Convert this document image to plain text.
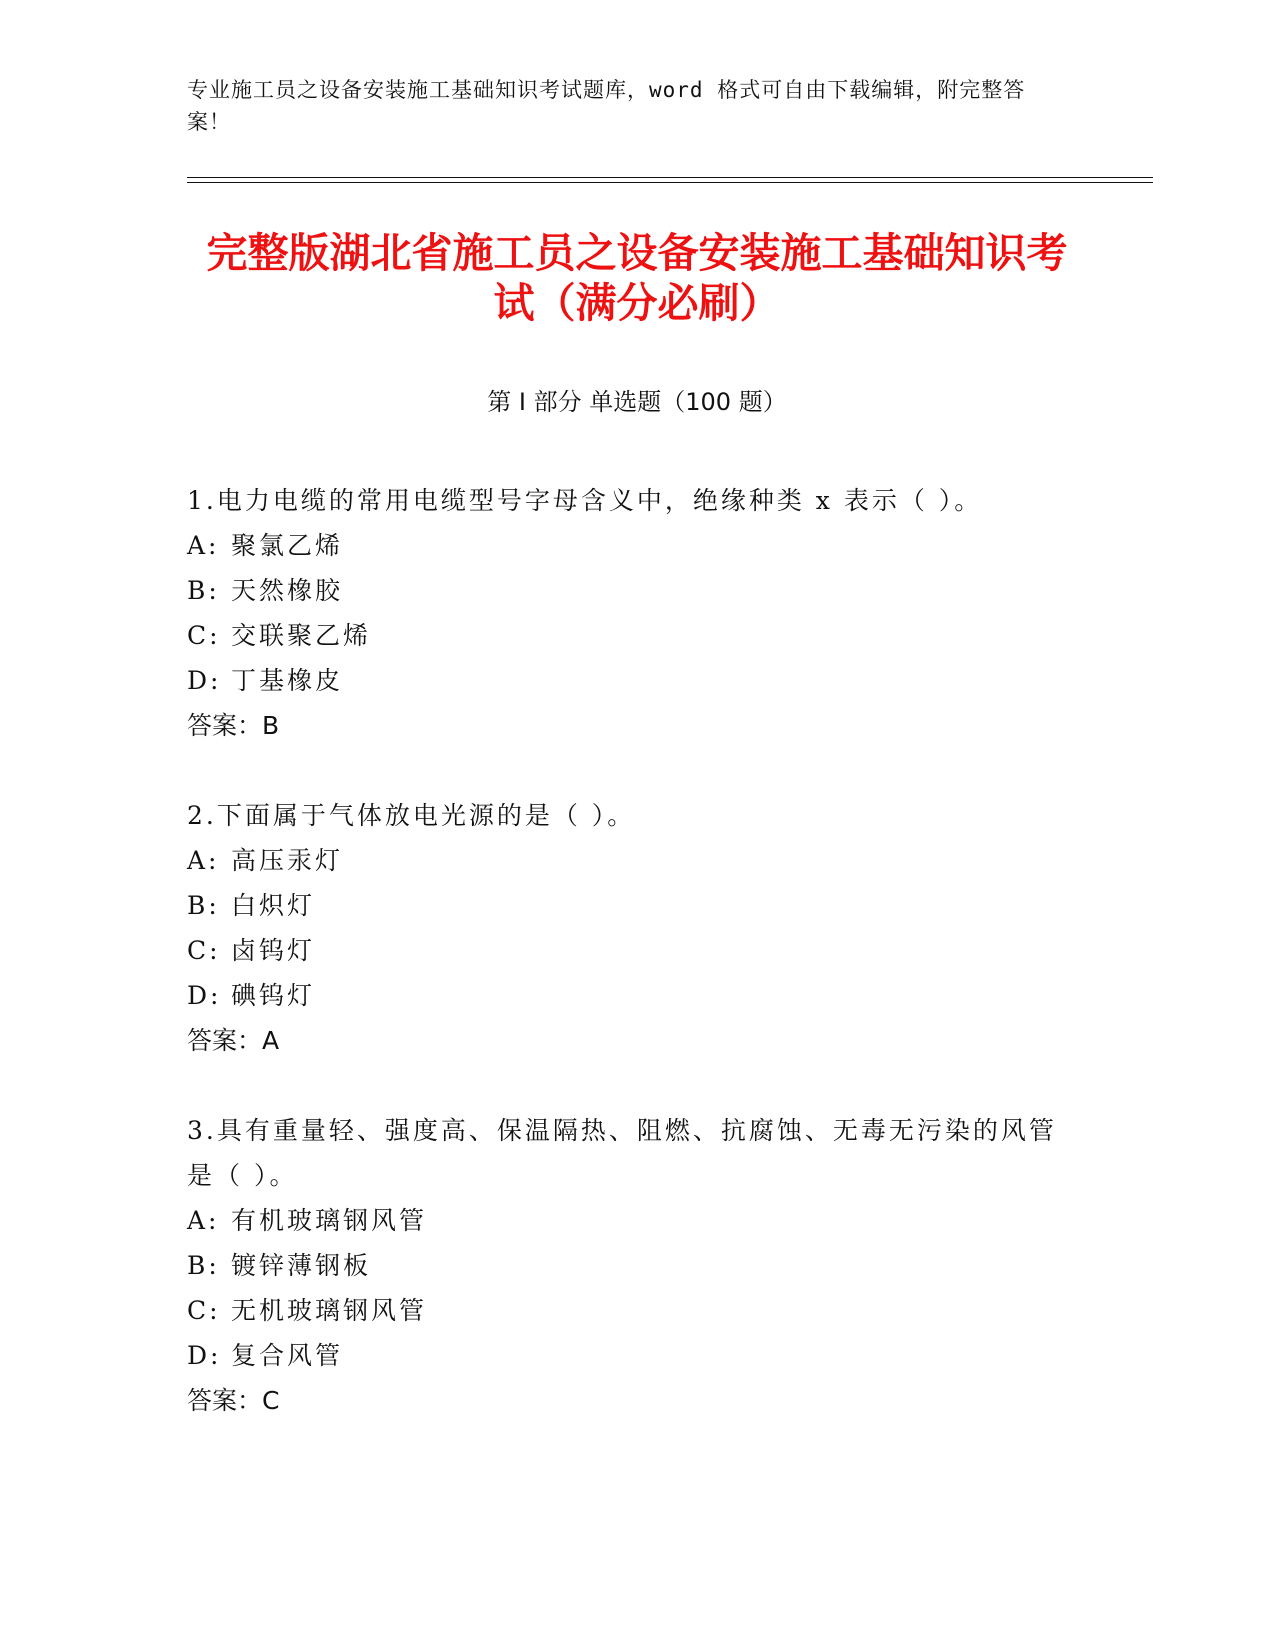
专业施工员之设备安装施工基础知识考试题库，word 格式可自由下载编辑，附完整答案！
完整版湖北省施工员之设备安装施工基础知识考试（满分必刷）
第 I 部分 单选题（100 题）
1.电力电缆的常用电缆型号字母含义中，绝缘种类 x 表示（ ）。
A: 聚氯乙烯
B: 天然橡胶
C: 交联聚乙烯
D: 丁基橡皮
答案：B
2.下面属于气体放电光源的是（ ）。
A: 高压汞灯
B: 白炽灯
C: 卤钨灯
D: 碘钨灯
答案：A
3.具有重量轻、强度高、保温隔热、阻燃、抗腐蚀、无毒无污染的风管是（ ）。
A: 有机玻璃钢风管
B: 镀锌薄钢板
C: 无机玻璃钢风管
D: 复合风管
答案：C
